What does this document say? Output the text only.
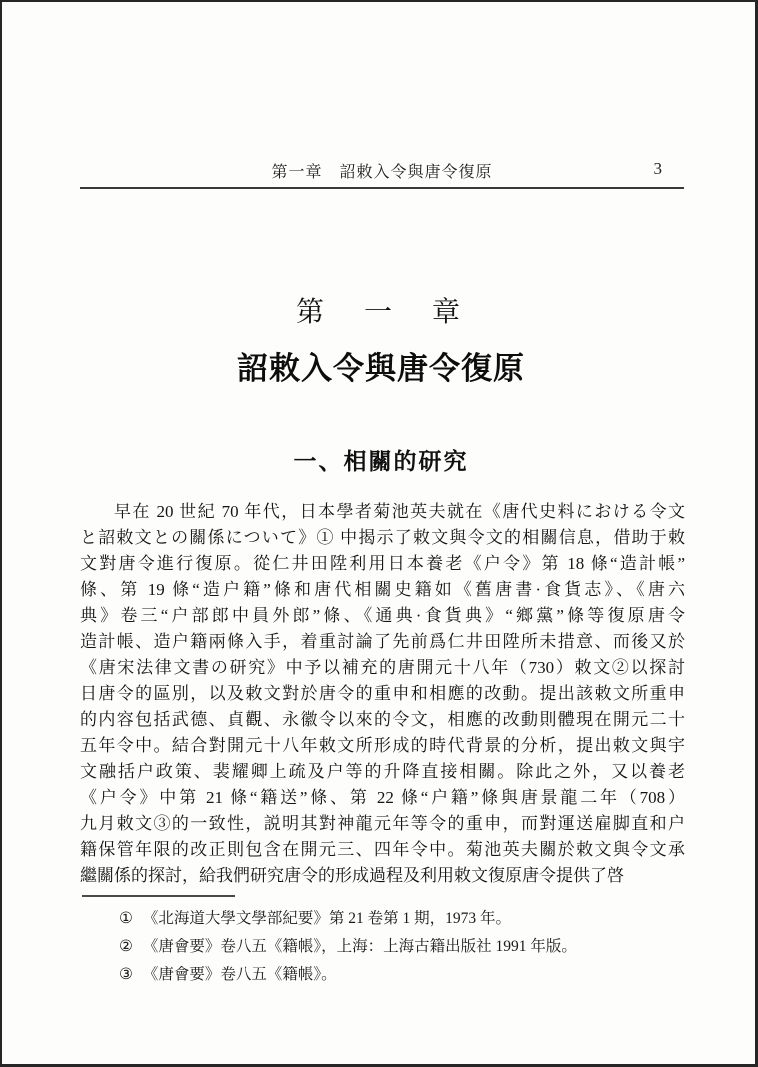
第一章　詔敕入令與唐令復原	3
第　一　章
詔敕入令與唐令復原
一、相關的研究
早在 20 世紀 70 年代，日本學者菊池英夫就在《唐代史料における令文
と詔敕文との關係について》① 中揭示了敕文與令文的相關信息，借助于敕
文對唐令進行復原。從仁井田陞利用日本養老《户令》第 18 條“造計帳”
條、第 19 條“造户籍”條和唐代相關史籍如《舊唐書·食貨志》、《唐六
典》卷三“户部郎中員外郎”條、《通典·食貨典》“鄉黨”條等復原唐令
造計帳、造户籍兩條入手，着重討論了先前爲仁井田陞所未措意、而後又於
《唐宋法律文書の研究》中予以補充的唐開元十八年（730）敕文②以探討
日唐令的區別，以及敕文對於唐令的重申和相應的改動。提出該敕文所重申
的内容包括武德、貞觀、永徽令以來的令文，相應的改動則體現在開元二十
五年令中。結合對開元十八年敕文所形成的時代背景的分析，提出敕文與宇
文融括户政策、裴耀卿上疏及户等的升降直接相關。除此之外，又以養老
《户令》中第 21 條“籍送”條、第 22 條“户籍”條與唐景龍二年（708）
九月敕文③的一致性，説明其對神龍元年等令的重申，而對運送雇脚直和户
籍保管年限的改正則包含在開元三、四年令中。菊池英夫關於敕文與令文承
繼關係的探討，給我們研究唐令的形成過程及利用敕文復原唐令提供了啓
① 《北海道大學文學部紀要》第 21 卷第 1 期，1973 年。
② 《唐會要》卷八五《籍帳》，上海：上海古籍出版社 1991 年版。
③ 《唐會要》卷八五《籍帳》。
